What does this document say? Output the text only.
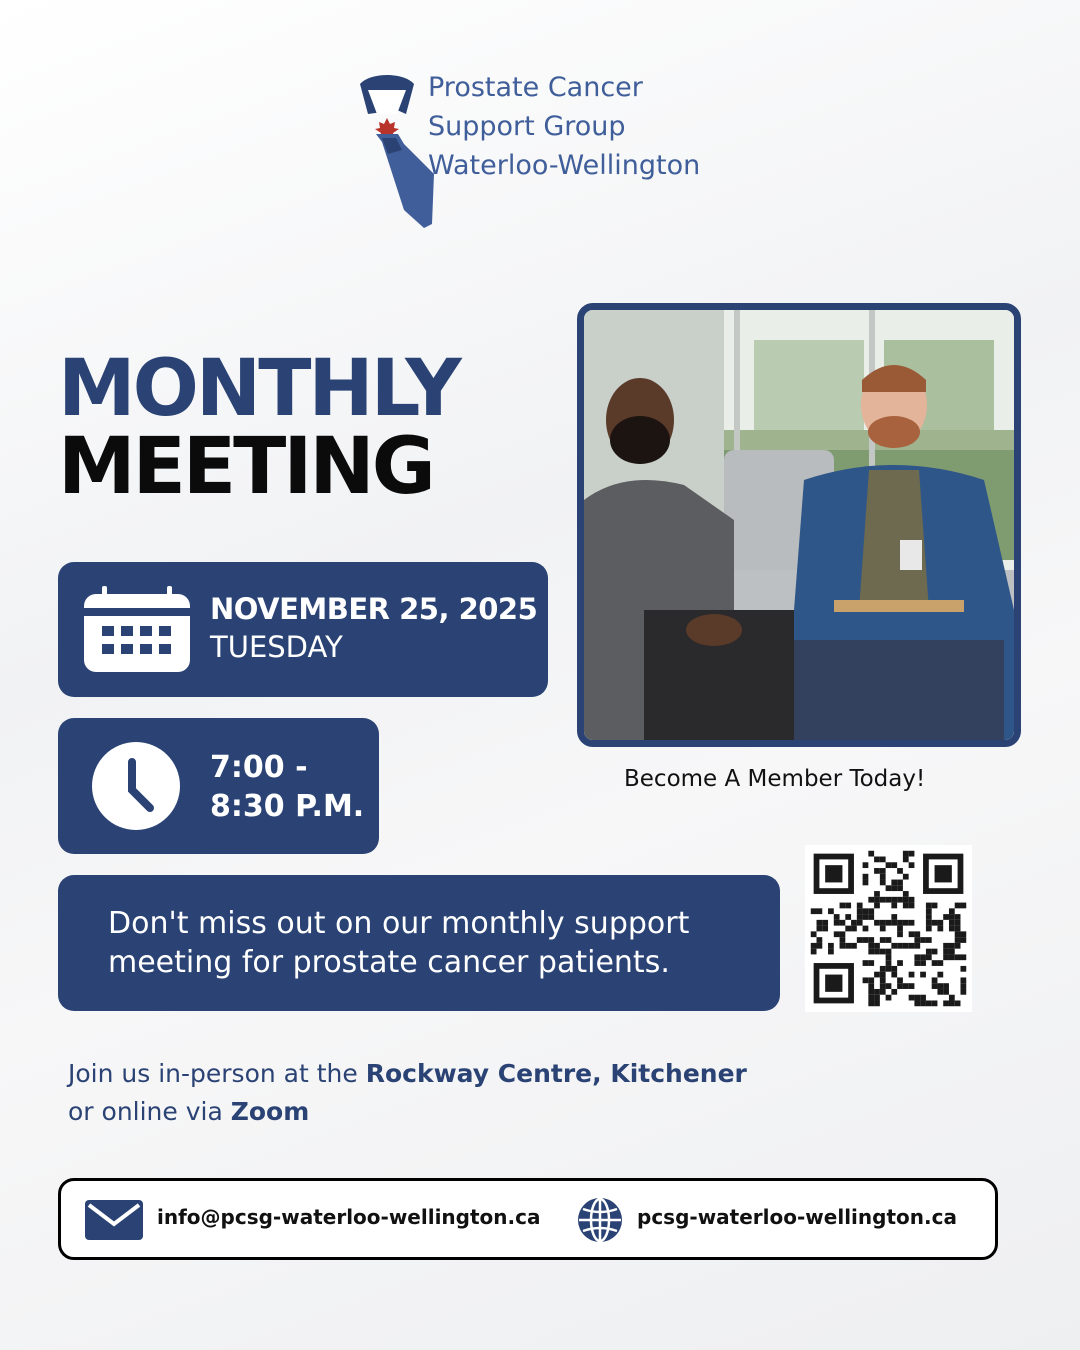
Prostate Cancer
Support Group
Waterloo-Wellington
MONTHLY
MEETING
NOVEMBER 25, 2025
TUESDAY
7:00 -
8:30 P.M.
Don't miss out on our monthly support
meeting for prostate cancer patients.
Become A Member Today!
Join us in-person at the Rockway Centre, Kitchener
or online via Zoom
info@pcsg-waterloo-wellington.ca	pcsg-waterloo-wellington.ca
